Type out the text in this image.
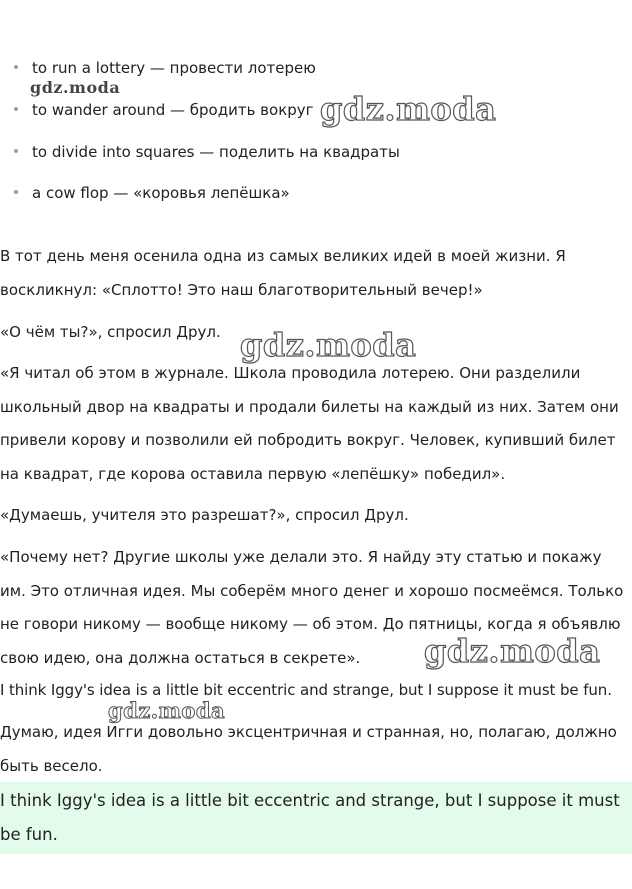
to run a lottery — провести лотерею
to wander around — бродить вокруг
to divide into squares — поделить на квадраты
a cow flop — «коровья лепёшка»

В тот день меня осенила одна из самых великих идей в моей жизни. Я воскликнул: «Сплотто! Это наш благотворительный вечер!»

«О чём ты?», спросил Друл.

«Я читал об этом в журнале. Школа проводила лотерею. Они разделили школьный двор на квадраты и продали билеты на каждый из них. Затем они привели корову и позволили ей побродить вокруг. Человек, купивший билет на квадрат, где корова оставила первую «лепёшку» победил».

«Думаешь, учителя это разрешат?», спросил Друл.

«Почему нет? Другие школы уже делали это. Я найду эту статью и покажу им. Это отличная идея. Мы соберём много денег и хорошо посмеёмся. Только не говори никому — вообще никому — об этом. До пятницы, когда я объявлю свою идею, она должна остаться в секрете».

I think Iggy's idea is a little bit eccentric and strange, but I suppose it must be fun.

Думаю, идея Игги довольно эксцентричная и странная, но, полагаю, должно быть весело.

I think Iggy's idea is a little bit eccentric and strange, but I suppose it must be fun.

gdz.moda
gdz.moda
gdz.moda
gdz.moda
gdz.moda
